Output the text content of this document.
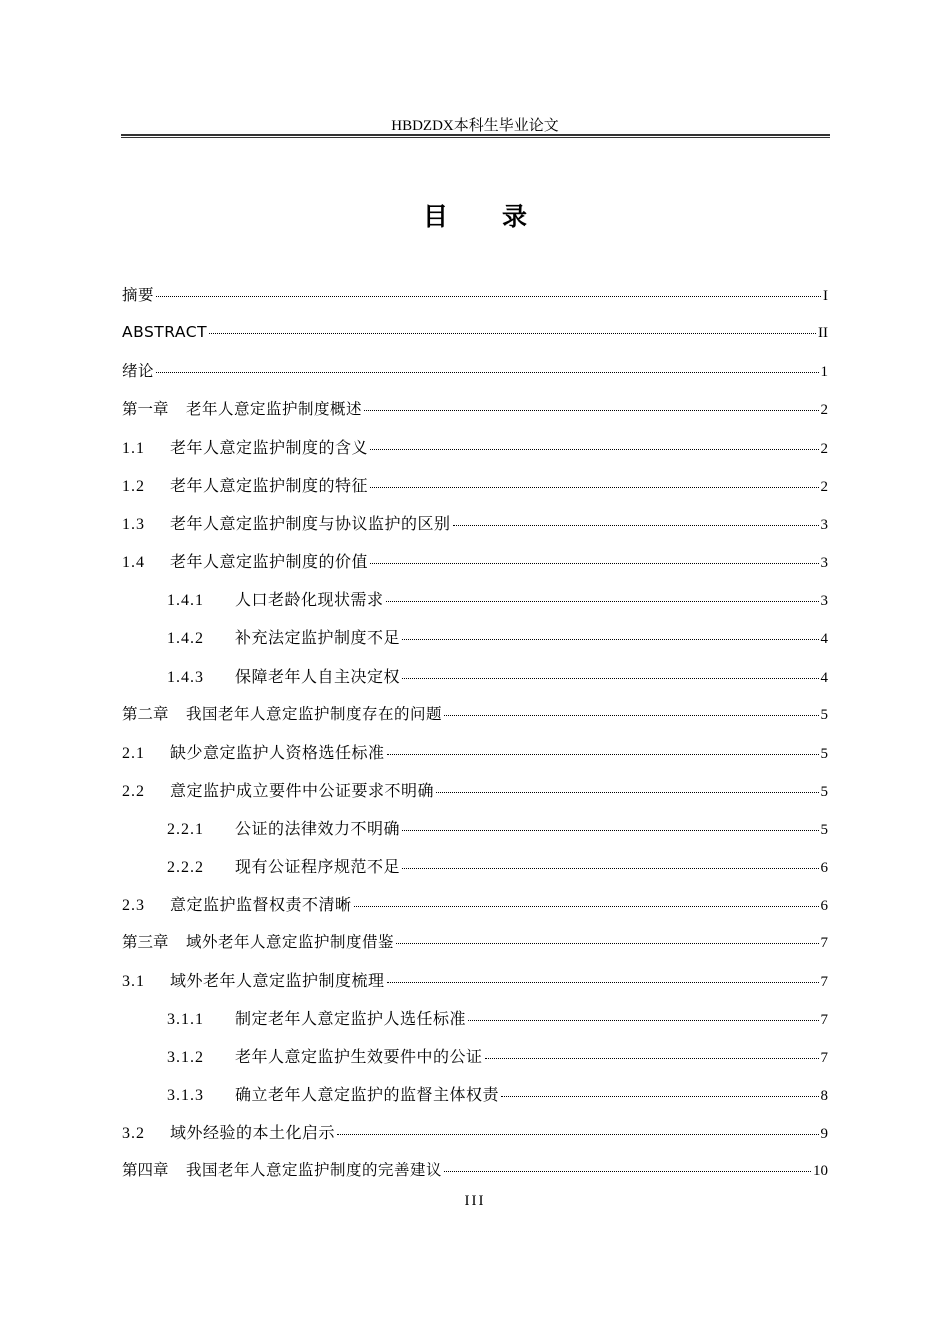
HBDZDX本科生毕业论文
目 录
摘要	I
ABSTRACT	II
绪论	1
第一章	老年人意定监护制度概述	2
1.1	老年人意定监护制度的含义	2
1.2	老年人意定监护制度的特征	2
1.3	老年人意定监护制度与协议监护的区别	3
1.4	老年人意定监护制度的价值	3
1.4.1	人口老龄化现状需求	3
1.4.2	补充法定监护制度不足	4
1.4.3	保障老年人自主决定权	4
第二章	我国老年人意定监护制度存在的问题	5
2.1	缺少意定监护人资格选任标准	5
2.2	意定监护成立要件中公证要求不明确	5
2.2.1	公证的法律效力不明确	5
2.2.2	现有公证程序规范不足	6
2.3	意定监护监督权责不清晰	6
第三章	域外老年人意定监护制度借鉴	7
3.1	域外老年人意定监护制度梳理	7
3.1.1	制定老年人意定监护人选任标准	7
3.1.2	老年人意定监护生效要件中的公证	7
3.1.3	确立老年人意定监护的监督主体权责	8
3.2	域外经验的本土化启示	9
第四章	我国老年人意定监护制度的完善建议	10
III
